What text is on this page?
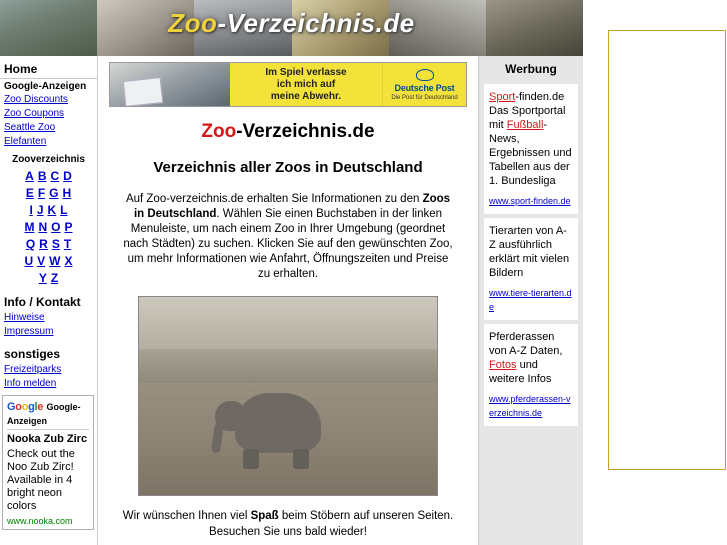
Zoo-Verzeichnis.de
Home
Google-Anzeigen
Zoo Discounts
Zoo Coupons
Seattle Zoo
Elefanten
Zooverzeichnis
A B C D
E F G H
I J K L
M N O P
Q R S T
U V W X
Y Z
Info / Kontakt
Hinweise
Impressum
sonstiges
Freizeitparks
Info melden
Google Google-Anzeigen
Nooka Zub Zirc
Check out the Noo Zub Zirc! Available in 4 bright neon colors
www.nooka.com
Im Spiel verlasse
ich mich auf
meine Abwehr.
Deutsche Post
Die Post für Deutschland
Zoo-Verzeichnis.de
Verzeichnis aller Zoos in Deutschland
Auf Zoo-verzeichnis.de erhalten Sie Informationen zu den Zoos in Deutschland. Wählen Sie einen Buchstaben in der linken Menuleiste, um nach einem Zoo in Ihrer Umgebung (geordnet nach Städten) zu suchen. Klicken Sie auf den gewünschten Zoo, um mehr Informationen wie Anfahrt, Öffnungszeiten und Preise zu erhalten.
Wir wünschen Ihnen viel Spaß beim Stöbern auf unseren Seiten.
Besuchen Sie uns bald wieder!
Werbung
Sport-finden.de Das Sportportal mit Fußball-News, Ergebnissen und Tabellen aus der 1. Bundesliga
www.sport-finden.de
Tierarten von A-Z ausführlich erklärt mit vielen Bildern
www.tiere-tierarten.de
Pferderassen von A-Z Daten, Fotos und weitere Infos
www.pferderassen-verzeichnis.de
